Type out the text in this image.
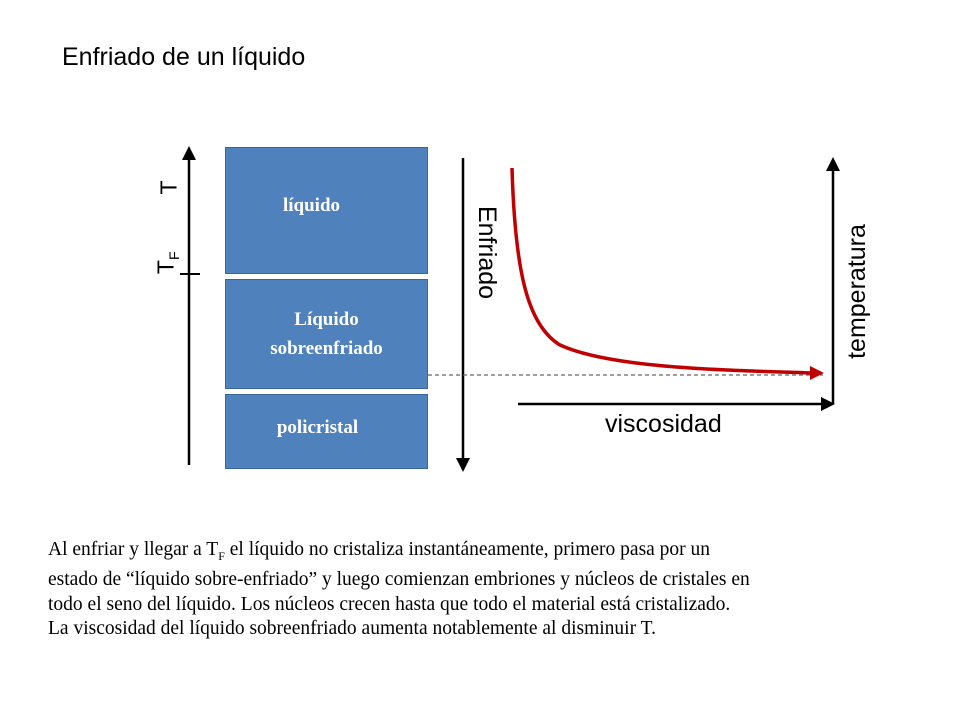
Enfriado de un líquido
líquido
Líquido
sobreenfriado
policristal
T
$T_F$	Enfriado	temperatura
viscosidad

Al enfriar y llegar a $T_F$ el líquido no cristaliza instantáneamente, primero pasa por un

estado de “líquido sobre-enfriado” y luego comienzan embriones y núcleos de cristales en

todo el seno del líquido. Los núcleos crecen hasta que todo el material está cristalizado.

La viscosidad del líquido sobreenfriado aumenta notablemente al disminuir T.
